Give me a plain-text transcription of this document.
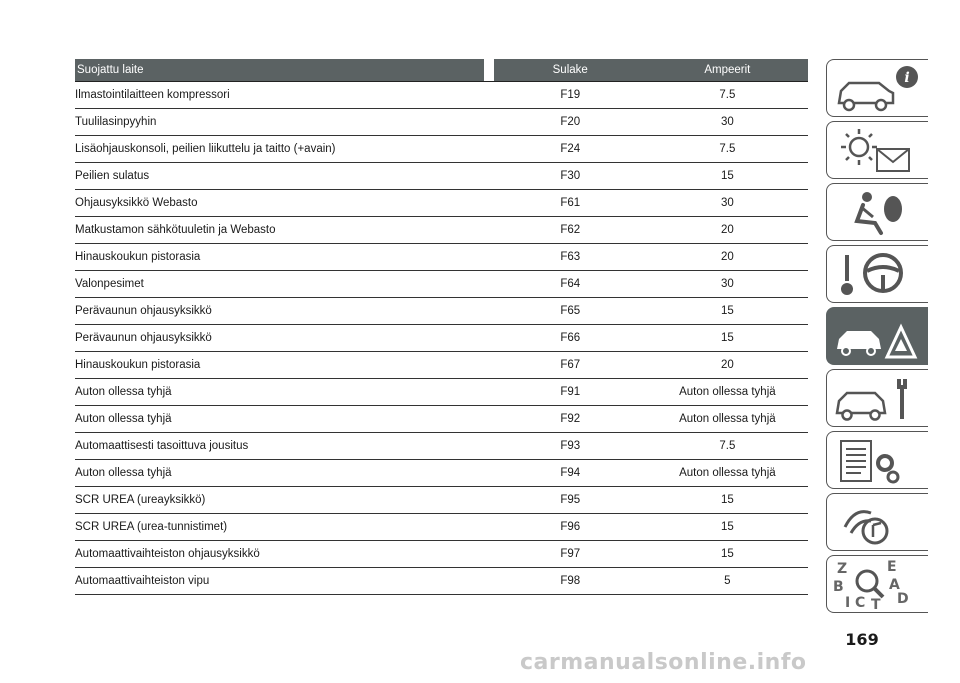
Suojattu laite		Sulake	Ampeerit
Ilmastointilaitteen kompressori		F19	7.5
Tuulilasinpyyhin		F20	30
Lisäohjauskonsoli, peilien liikuttelu ja taitto (+avain)		F24	7.5
Peilien sulatus		F30	15
Ohjausyksikkö Webasto		F61	30
Matkustamon sähkötuuletin ja Webasto		F62	20
Hinauskoukun pistorasia		F63	20
Valonpesimet		F64	30
Perävaunun ohjausyksikkö		F65	15
Perävaunun ohjausyksikkö		F66	15
Hinauskoukun pistorasia		F67	20
Auton ollessa tyhjä		F91	Auton ollessa tyhjä
Auton ollessa tyhjä		F92	Auton ollessa tyhjä
Automaattisesti tasoittuva jousitus		F93	7.5
Auton ollessa tyhjä		F94	Auton ollessa tyhjä
SCR UREA (ureayksikkö)		F95	15
SCR UREA (urea-tunnistimet)		F96	15
Automaattivaihteiston ohjausyksikkö		F97	15
Automaattivaihteiston vipu		F98	5
i
Z	E
B	A
I C T D
169
carmanualsonline.info
